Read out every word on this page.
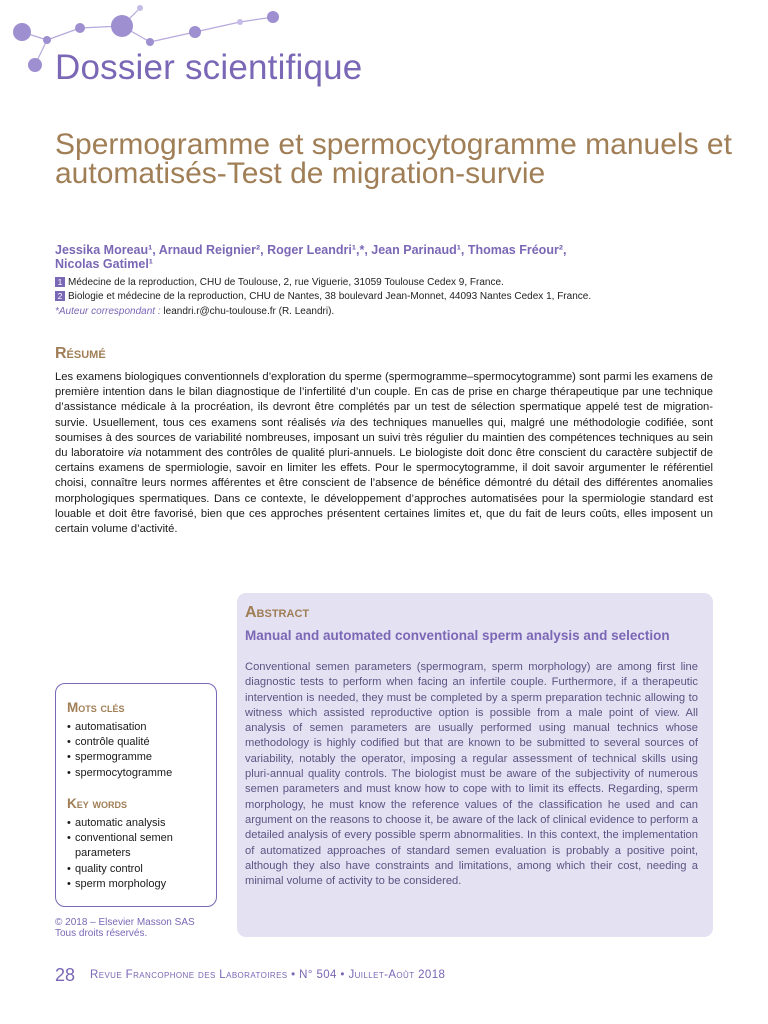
Dossier scientifique
Spermogramme et spermocytogramme manuels et automatisés-Test de migration-survie
Jessika Moreau¹, Arnaud Reignier², Roger Leandri¹,*, Jean Parinaud¹, Thomas Fréour²,
Nicolas Gatimel¹
1 Médecine de la reproduction, CHU de Toulouse, 2, rue Viguerie, 31059 Toulouse Cedex 9, France.
2 Biologie et médecine de la reproduction, CHU de Nantes, 38 boulevard Jean-Monnet, 44093 Nantes Cedex 1, France.
*Auteur correspondant : leandri.r@chu-toulouse.fr (R. Leandri).
Résumé
Les examens biologiques conventionnels d’exploration du sperme (spermogramme–spermocytogramme) sont parmi les examens de première intention dans le bilan diagnostique de l’infertilité d’un couple. En cas de prise en charge thérapeutique par une technique d’assistance médicale à la procréation, ils devront être complétés par un test de sélection spermatique appelé test de migration-survie. Usuellement, tous ces examens sont réalisés via des techniques manuelles qui, malgré une méthodologie codifiée, sont soumises à des sources de variabilité nombreuses, imposant un suivi très régulier du maintien des compétences techniques au sein du laboratoire via notamment des contrôles de qualité pluri-annuels. Le biologiste doit donc être conscient du caractère subjectif de certains examens de spermiologie, savoir en limiter les effets. Pour le spermocytogramme, il doit savoir argumenter le référentiel choisi, connaître leurs normes afférentes et être conscient de l’absence de bénéfice démontré du détail des différentes anomalies morphologiques spermatiques. Dans ce contexte, le développement d’approches automatisées pour la spermiologie standard est louable et doit être favorisé, bien que ces approches présentent certaines limites et, que du fait de leurs coûts, elles imposent un certain volume d’activité.
Abstract
Manual and automated conventional sperm analysis and selection
Conventional semen parameters (spermogram, sperm morphology) are among first line diagnostic tests to perform when facing an infertile couple. Furthermore, if a therapeutic intervention is needed, they must be completed by a sperm preparation technic allowing to witness which assisted reproductive option is possible from a male point of view. All analysis of semen parameters are usually performed using manual technics whose methodology is highly codified but that are known to be submitted to several sources of variability, notably the operator, imposing a regular assessment of technical skills using pluri-annual quality controls. The biologist must be aware of the subjectivity of numerous semen parameters and must know how to cope with to limit its effects. Regarding, sperm morphology, he must know the reference values of the classification he used and can argument on the reasons to choose it, be aware of the lack of clinical evidence to perform a detailed analysis of every possible sperm abnormalities. In this context, the implementation of automatized approaches of standard semen evaluation is probably a positive point, although they also have constraints and limitations, among which their cost, needing a minimal volume of activity to be considered.
Mots clés
• automatisation
• contrôle qualité
• spermogramme
• spermocytogramme
Key words
• automatic analysis
• conventional semen parameters
• quality control
• sperm morphology
© 2018 – Elsevier Masson SAS
Tous droits réservés.
28 Revue Francophone des Laboratoires • N° 504 • Juillet-Août 2018
